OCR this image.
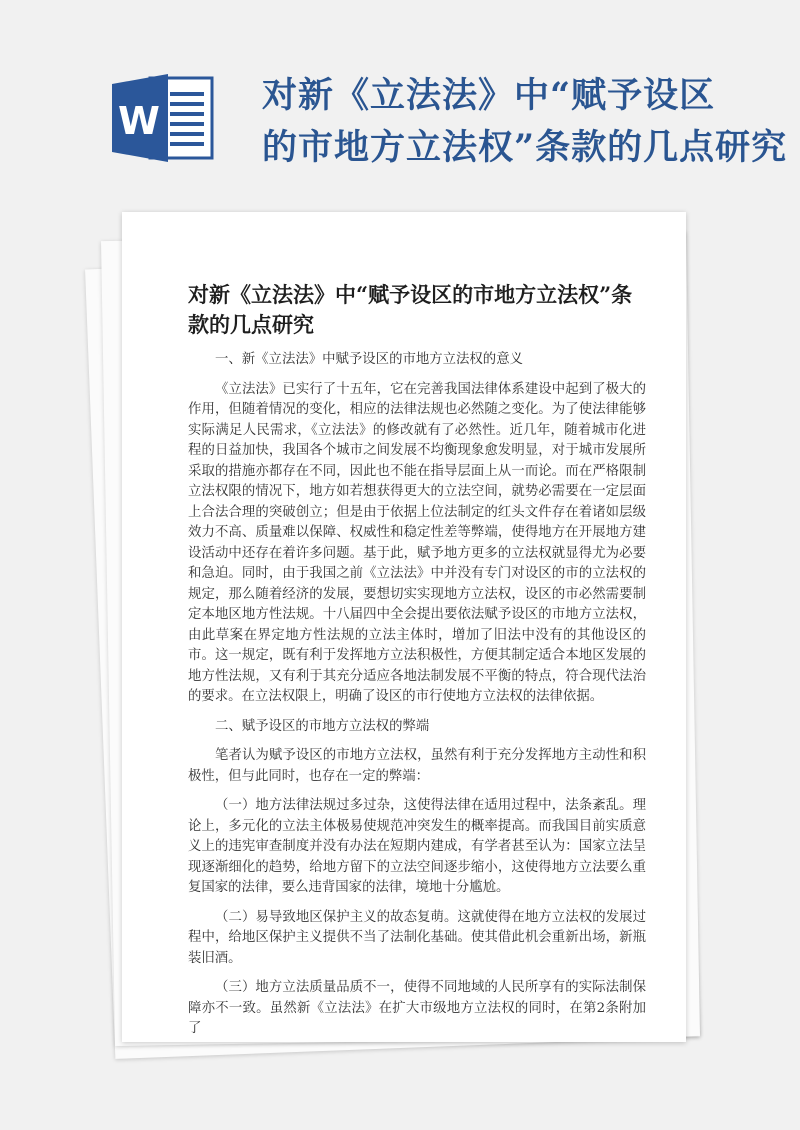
W
对新《立法法》中“赋予设区
的市地方立法权”条款的几点研究
对新《立法法》中“赋予设区的市地方立法权”条款的几点研究

一、新《立法法》中赋予设区的市地方立法权的意义

《立法法》已实行了十五年，它在完善我国法律体系建设中起到了极大的作用，但随着情况的变化，相应的法律法规也必然随之变化。为了使法律能够实际满足人民需求，《立法法》的修改就有了必然性。近几年，随着城市化进程的日益加快，我国各个城市之间发展不均衡现象愈发明显，对于城市发展所采取的措施亦都存在不同，因此也不能在指导层面上从一而论。而在严格限制立法权限的情况下，地方如若想获得更大的立法空间，就势必需要在一定层面上合法合理的突破创立；但是由于依据上位法制定的红头文件存在着诸如层级效力不高、质量难以保障、权威性和稳定性差等弊端，使得地方在开展地方建设活动中还存在着许多问题。基于此，赋予地方更多的立法权就显得尤为必要和急迫。同时，由于我国之前《立法法》中并没有专门对设区的市的立法权的规定，那么随着经济的发展，要想切实实现地方立法权，设区的市必然需要制定本地区地方性法规。十八届四中全会提出要依法赋予设区的市地方立法权，由此草案在界定地方性法规的立法主体时，增加了旧法中没有的其他设区的市。这一规定，既有利于发挥地方立法积极性，方便其制定适合本地区发展的地方性法规，又有利于其充分适应各地法制发展不平衡的特点，符合现代法治的要求。在立法权限上，明确了设区的市行使地方立法权的法律依据。

二、赋予设区的市地方立法权的弊端

笔者认为赋予设区的市地方立法权，虽然有利于充分发挥地方主动性和积极性，但与此同时，也存在一定的弊端：

（一）地方法律法规过多过杂，这使得法律在适用过程中，法条紊乱。理论上，多元化的立法主体极易使规范冲突发生的概率提高。而我国目前实质意义上的违宪审查制度并没有办法在短期内建成，有学者甚至认为：国家立法呈现逐渐细化的趋势，给地方留下的立法空间逐步缩小，这使得地方立法要么重复国家的法律，要么违背国家的法律，境地十分尴尬。

（二）易导致地区保护主义的故态复萌。这就使得在地方立法权的发展过程中，给地区保护主义提供不当了法制化基础。使其借此机会重新出场，新瓶装旧酒。

（三）地方立法质量品质不一，使得不同地域的人民所享有的实际法制保障亦不一致。虽然新《立法法》在扩大市级地方立法权的同时，在第2条附加了
